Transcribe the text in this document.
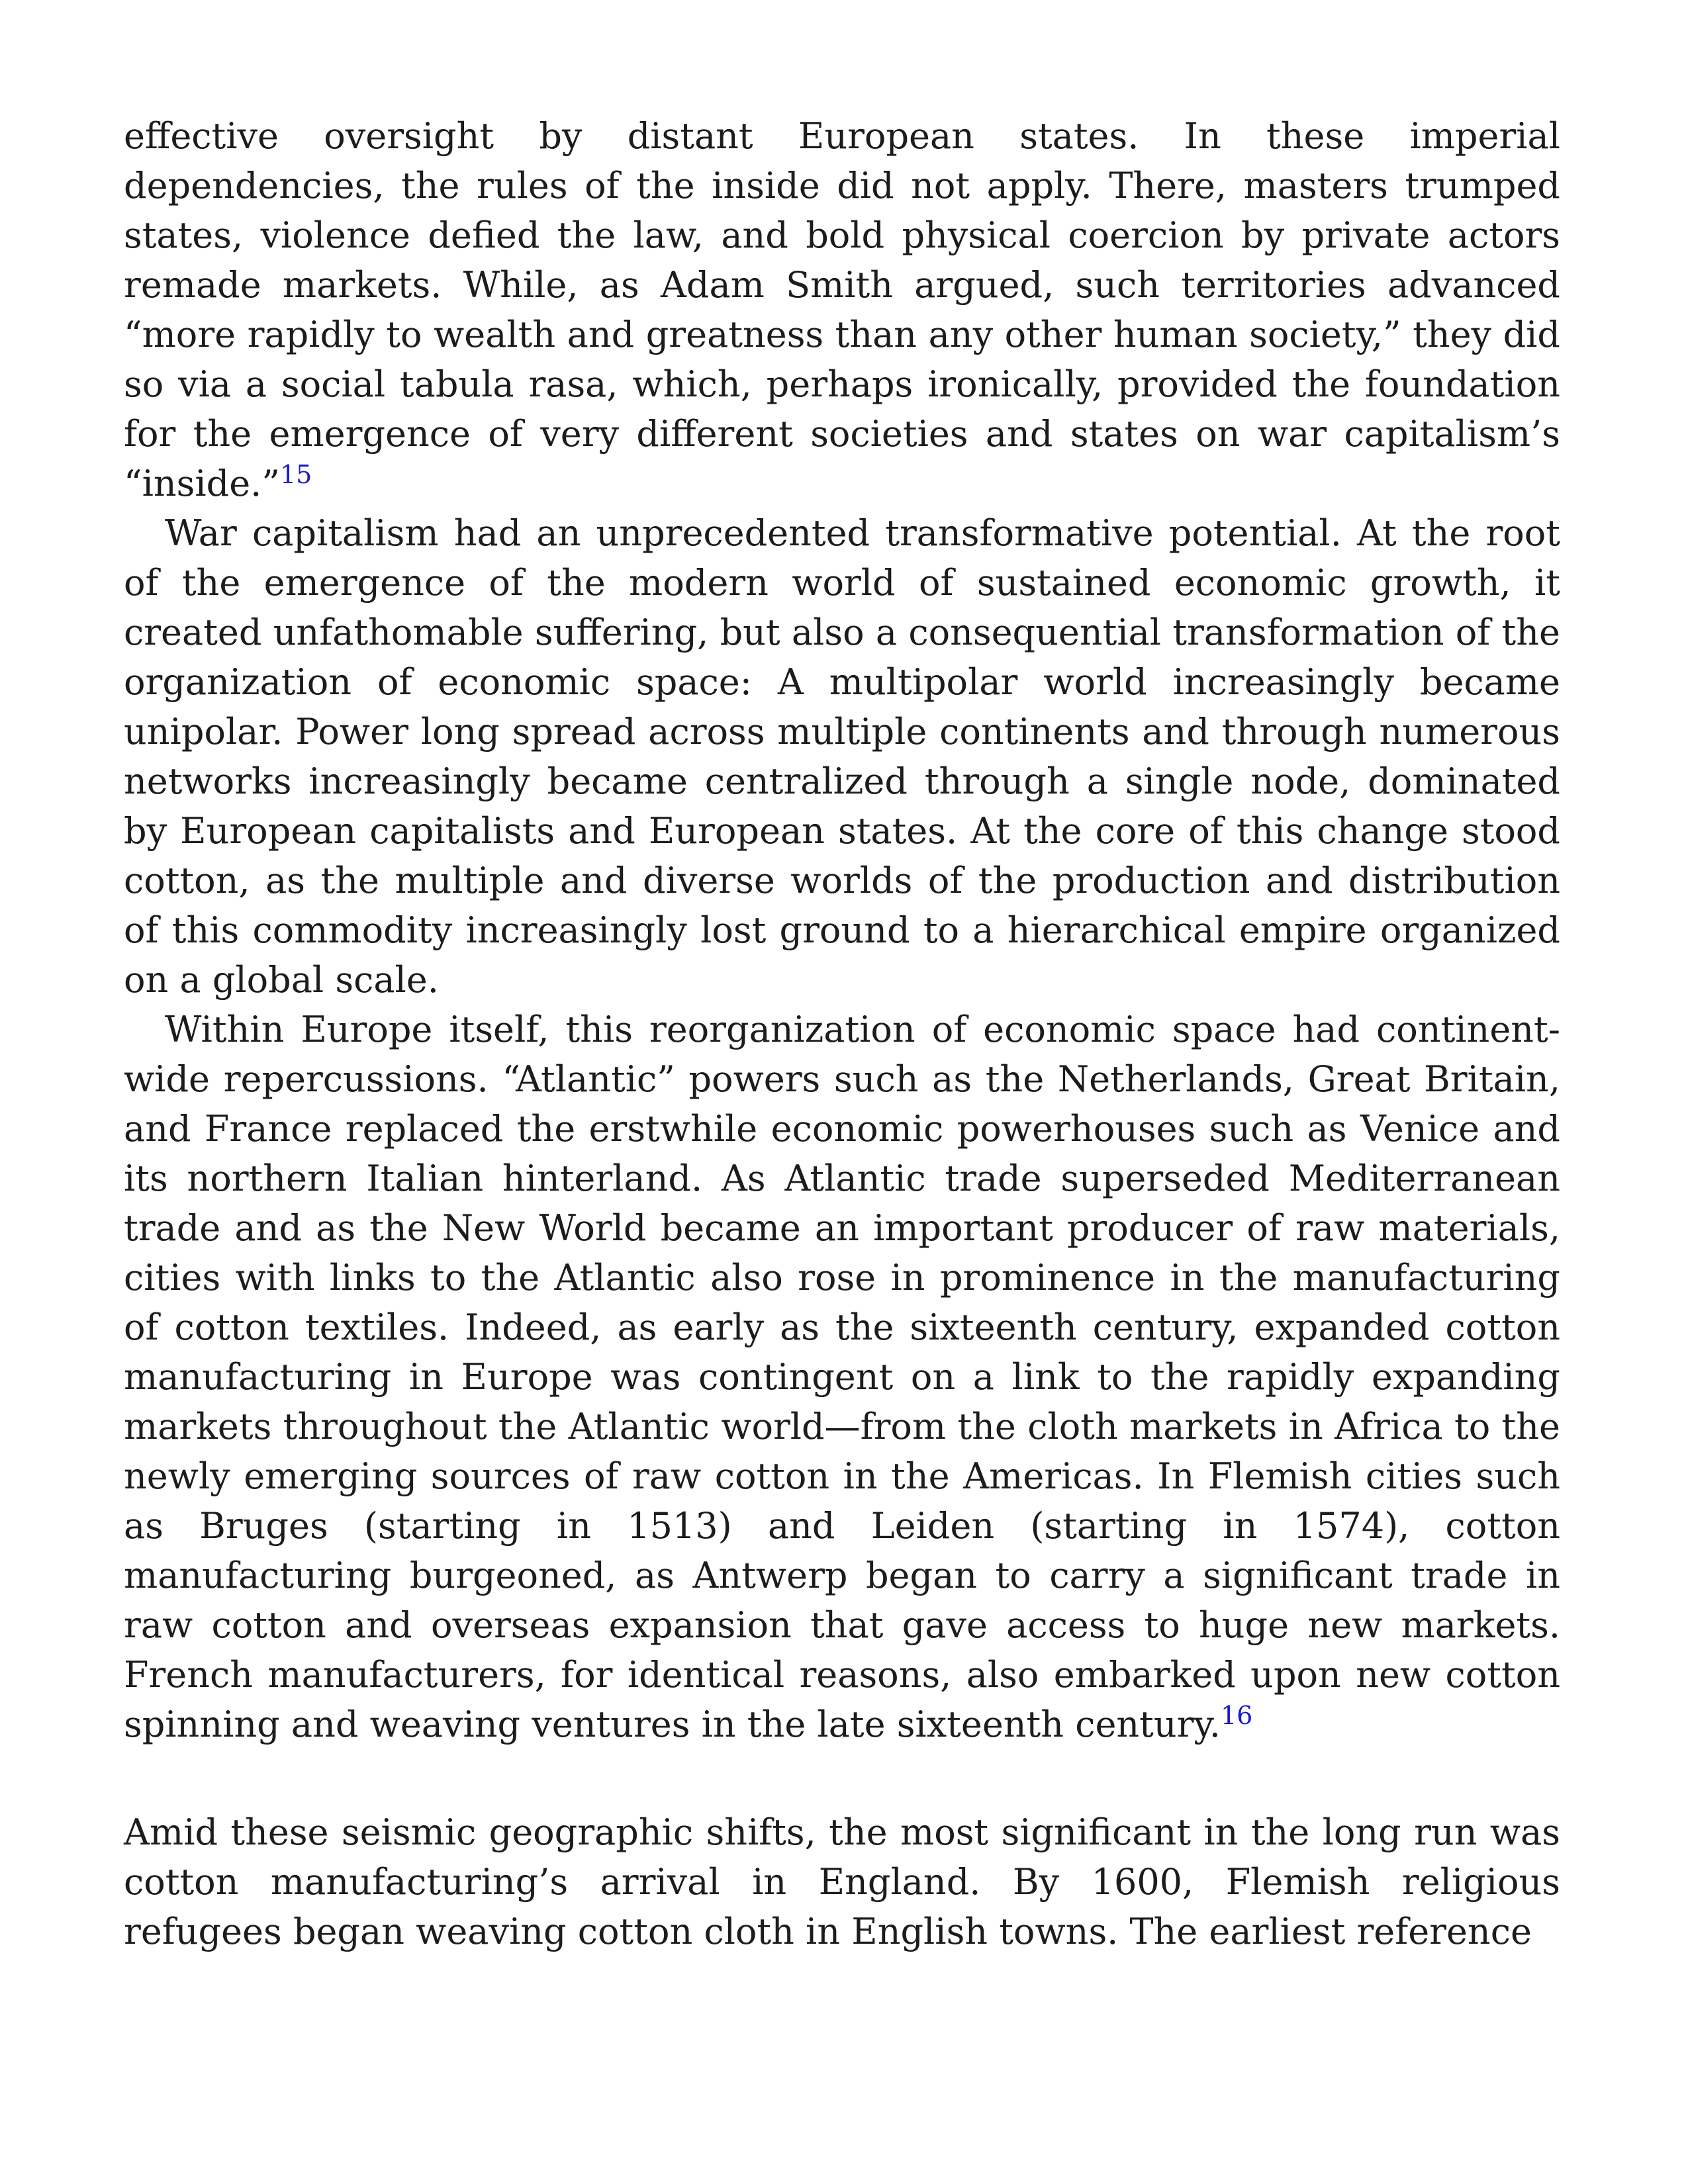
effective oversight by distant European states. In these imperial dependencies, the rules of the inside did not apply. There, masters trumped states, violence defied the law, and bold physical coercion by private actors remade markets. While, as Adam Smith argued, such territories advanced “more rapidly to wealth and greatness than any other human society,” they did so via a social tabula rasa, which, perhaps ironically, provided the foundation for the emergence of very different societies and states on war capitalism’s “inside.”$^{15}$

War capitalism had an unprecedented transformative potential. At the root of the emergence of the modern world of sustained economic growth, it created unfathomable suffering, but also a consequential transformation of the organization of economic space: A multipolar world increasingly became unipolar. Power long spread across multiple continents and through numerous networks increasingly became centralized through a single node, dominated by European capitalists and European states. At the core of this change stood cotton, as the multiple and diverse worlds of the production and distribution of this commodity increasingly lost ground to a hierarchical empire organized on a global scale.

Within Europe itself, this reorganization of economic space had continent-wide repercussions. “Atlantic” powers such as the Netherlands, Great Britain, and France replaced the erstwhile economic powerhouses such as Venice and its northern Italian hinterland. As Atlantic trade superseded Mediterranean trade and as the New World became an important producer of raw materials, cities with links to the Atlantic also rose in prominence in the manufacturing of cotton textiles. Indeed, as early as the sixteenth century, expanded cotton manufacturing in Europe was contingent on a link to the rapidly expanding markets throughout the Atlantic world—from the cloth markets in Africa to the newly emerging sources of raw cotton in the Americas. In Flemish cities such as Bruges (starting in 1513) and Leiden (starting in 1574), cotton manufacturing burgeoned, as Antwerp began to carry a significant trade in raw cotton and overseas expansion that gave access to huge new markets. French manufacturers, for identical reasons, also embarked upon new cotton spinning and weaving ventures in the late sixteenth century.$^{16}$

Amid these seismic geographic shifts, the most significant in the long run was cotton manufacturing’s arrival in England. By 1600, Flemish religious refugees began weaving cotton cloth in English towns. The earliest reference
